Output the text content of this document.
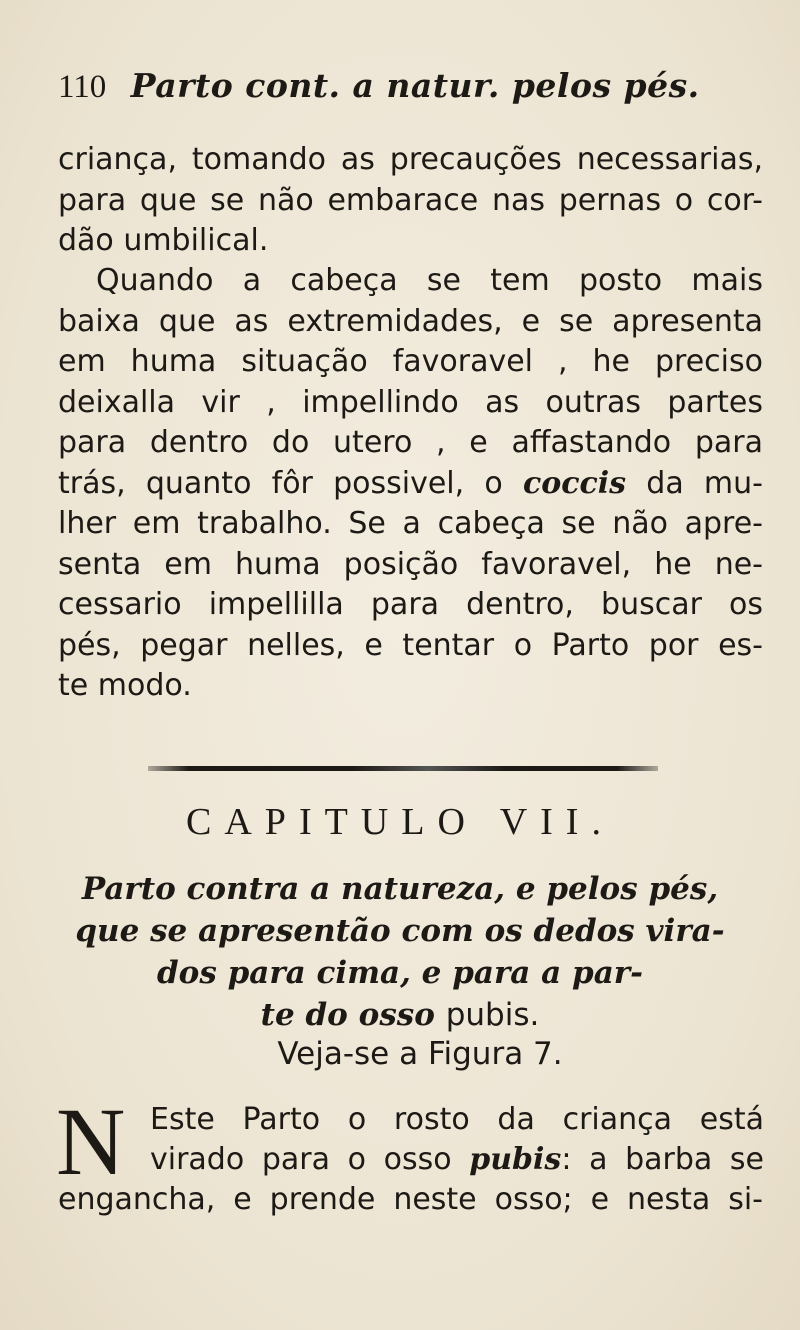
110 Parto cont. a natur. pelos pés.
criança, tomando as precauções necessarias,
para que se não embarace nas pernas o cor-
dão umbilical.
Quando a cabeça se tem posto mais
baixa que as extremidades, e se apresenta
em huma situação favoravel , he preciso
deixalla vir , impellindo as outras partes
para dentro do utero , e affastando para
trás, quanto fôr possivel, o coccis da mu-
lher em trabalho. Se a cabeça se não apre-
senta em huma posição favoravel, he ne-
cessario impellilla para dentro, buscar os
pés, pegar nelles, e tentar o Parto por es-
te modo.
CAPITULO VII.
Parto contra a natureza, e pelos pés,
que se apresentão com os dedos vira-
dos para cima, e para a par-
te do osso pubis.
Veja-se a Figura 7.
N Este Parto o rosto da criança está
virado para o osso pubis: a barba se
engancha, e prende neste osso; e nesta si-
